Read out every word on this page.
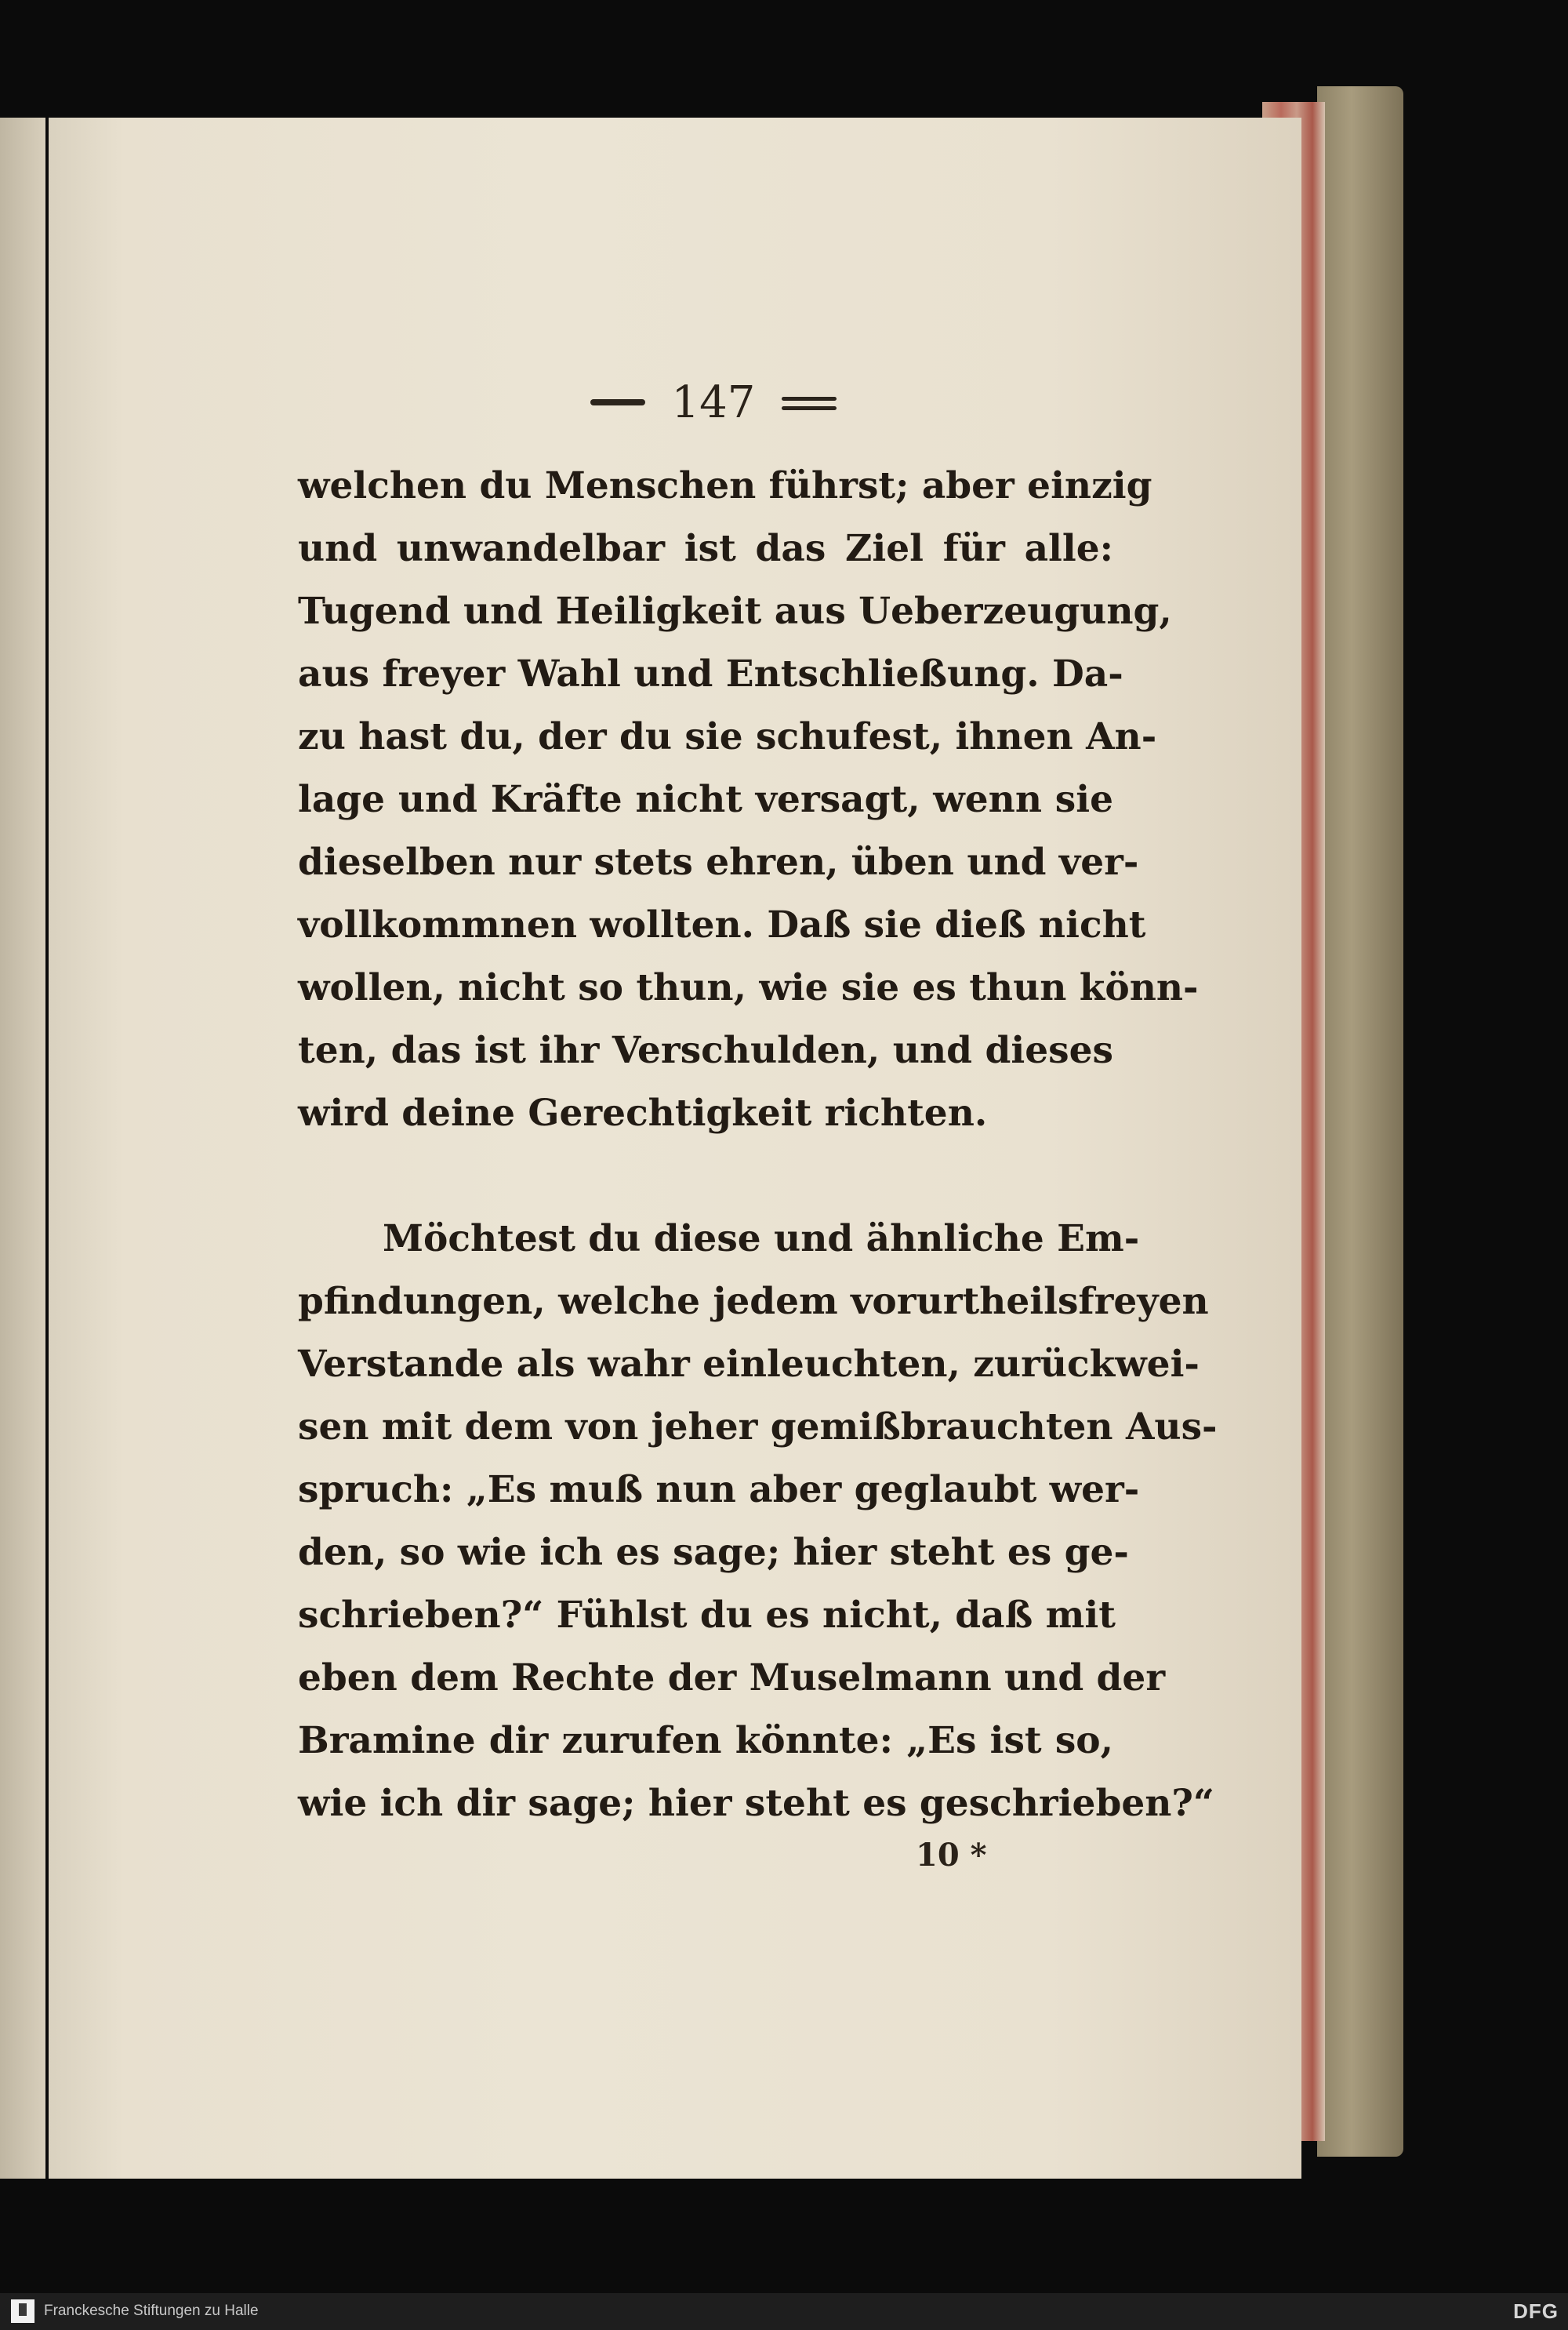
147
welchen du Menschen führst; aber einzig
und unwandelbar ist das Ziel für alle:
Tugend und Heiligkeit aus Ueberzeugung,
aus freyer Wahl und Entschließung. Da-
zu hast du, der du sie schufest, ihnen An-
lage und Kräfte nicht versagt, wenn sie
dieselben nur stets ehren, üben und ver-
vollkommnen wollten. Daß sie dieß nicht
wollen, nicht so thun, wie sie es thun könn-
ten, das ist ihr Verschulden, und dieses
wird deine Gerechtigkeit richten.
Möchtest du diese und ähnliche Em-
pfindungen, welche jedem vorurtheilsfreyen
Verstande als wahr einleuchten, zurückwei-
sen mit dem von jeher gemißbrauchten Aus-
spruch: „Es muß nun aber geglaubt wer-
den, so wie ich es sage; hier steht es ge-
schrieben?“ Fühlst du es nicht, daß mit
eben dem Rechte der Muselmann und der
Bramine dir zurufen könnte: „Es ist so,
wie ich dir sage; hier steht es geschrieben?“
10 *
Franckesche Stiftungen zu Halle	DFG
